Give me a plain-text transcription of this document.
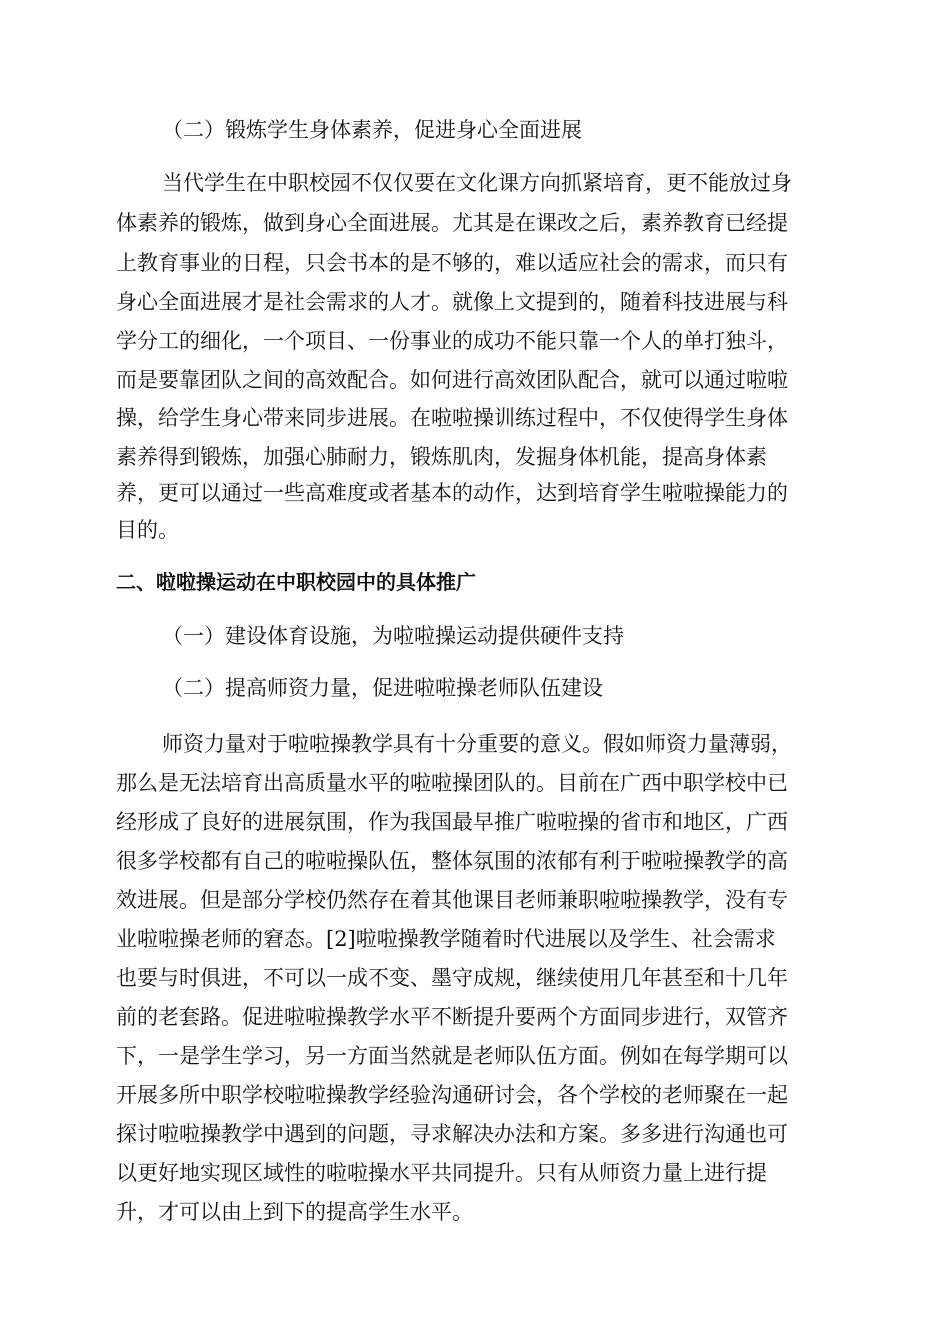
（二）锻炼学生身体素养，促进身心全面进展
当代学生在中职校园不仅仅要在文化课方向抓紧培育，更不能放过身
体素养的锻炼，做到身心全面进展。尤其是在课改之后，素养教育已经提
上教育事业的日程，只会书本的是不够的，难以适应社会的需求，而只有
身心全面进展才是社会需求的人才。就像上文提到的，随着科技进展与科
学分工的细化，一个项目、一份事业的成功不能只靠一个人的单打独斗，
而是要靠团队之间的高效配合。如何进行高效团队配合，就可以通过啦啦
操，给学生身心带来同步进展。在啦啦操训练过程中，不仅使得学生身体
素养得到锻炼，加强心肺耐力，锻炼肌肉，发掘身体机能，提高身体素
养，更可以通过一些高难度或者基本的动作，达到培育学生啦啦操能力的
目的。
二、啦啦操运动在中职校园中的具体推广
（一）建设体育设施，为啦啦操运动提供硬件支持
（二）提高师资力量，促进啦啦操老师队伍建设
师资力量对于啦啦操教学具有十分重要的意义。假如师资力量薄弱，
那么是无法培育出高质量水平的啦啦操团队的。目前在广西中职学校中已
经形成了良好的进展氛围，作为我国最早推广啦啦操的省市和地区，广西
很多学校都有自己的啦啦操队伍，整体氛围的浓郁有利于啦啦操教学的高
效进展。但是部分学校仍然存在着其他课目老师兼职啦啦操教学，没有专
业啦啦操老师的窘态。[2]啦啦操教学随着时代进展以及学生、社会需求
也要与时俱进，不可以一成不变、墨守成规，继续使用几年甚至和十几年
前的老套路。促进啦啦操教学水平不断提升要两个方面同步进行，双管齐
下，一是学生学习，另一方面当然就是老师队伍方面。例如在每学期可以
开展多所中职学校啦啦操教学经验沟通研讨会，各个学校的老师聚在一起
探讨啦啦操教学中遇到的问题，寻求解决办法和方案。多多进行沟通也可
以更好地实现区域性的啦啦操水平共同提升。只有从师资力量上进行提
升，才可以由上到下的提高学生水平。
